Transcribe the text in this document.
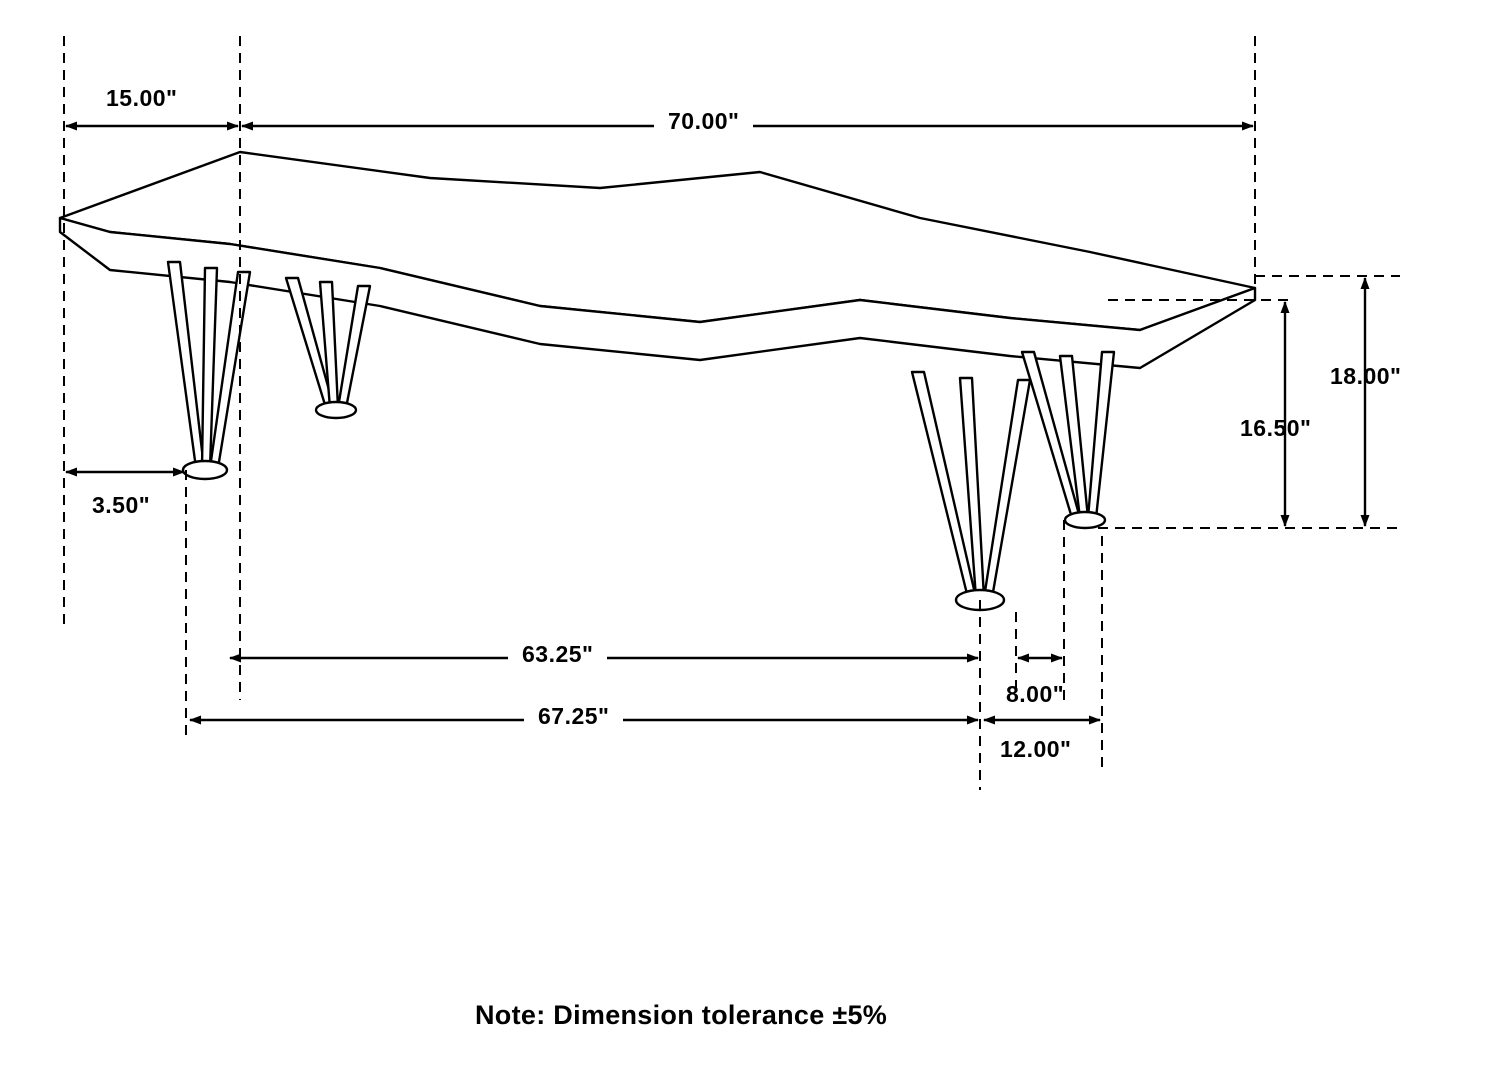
15.00"
70.00"
3.50"
16.50"
18.00"
63.25"
8.00"
67.25"
12.00"
Note: Dimension tolerance ±5%
